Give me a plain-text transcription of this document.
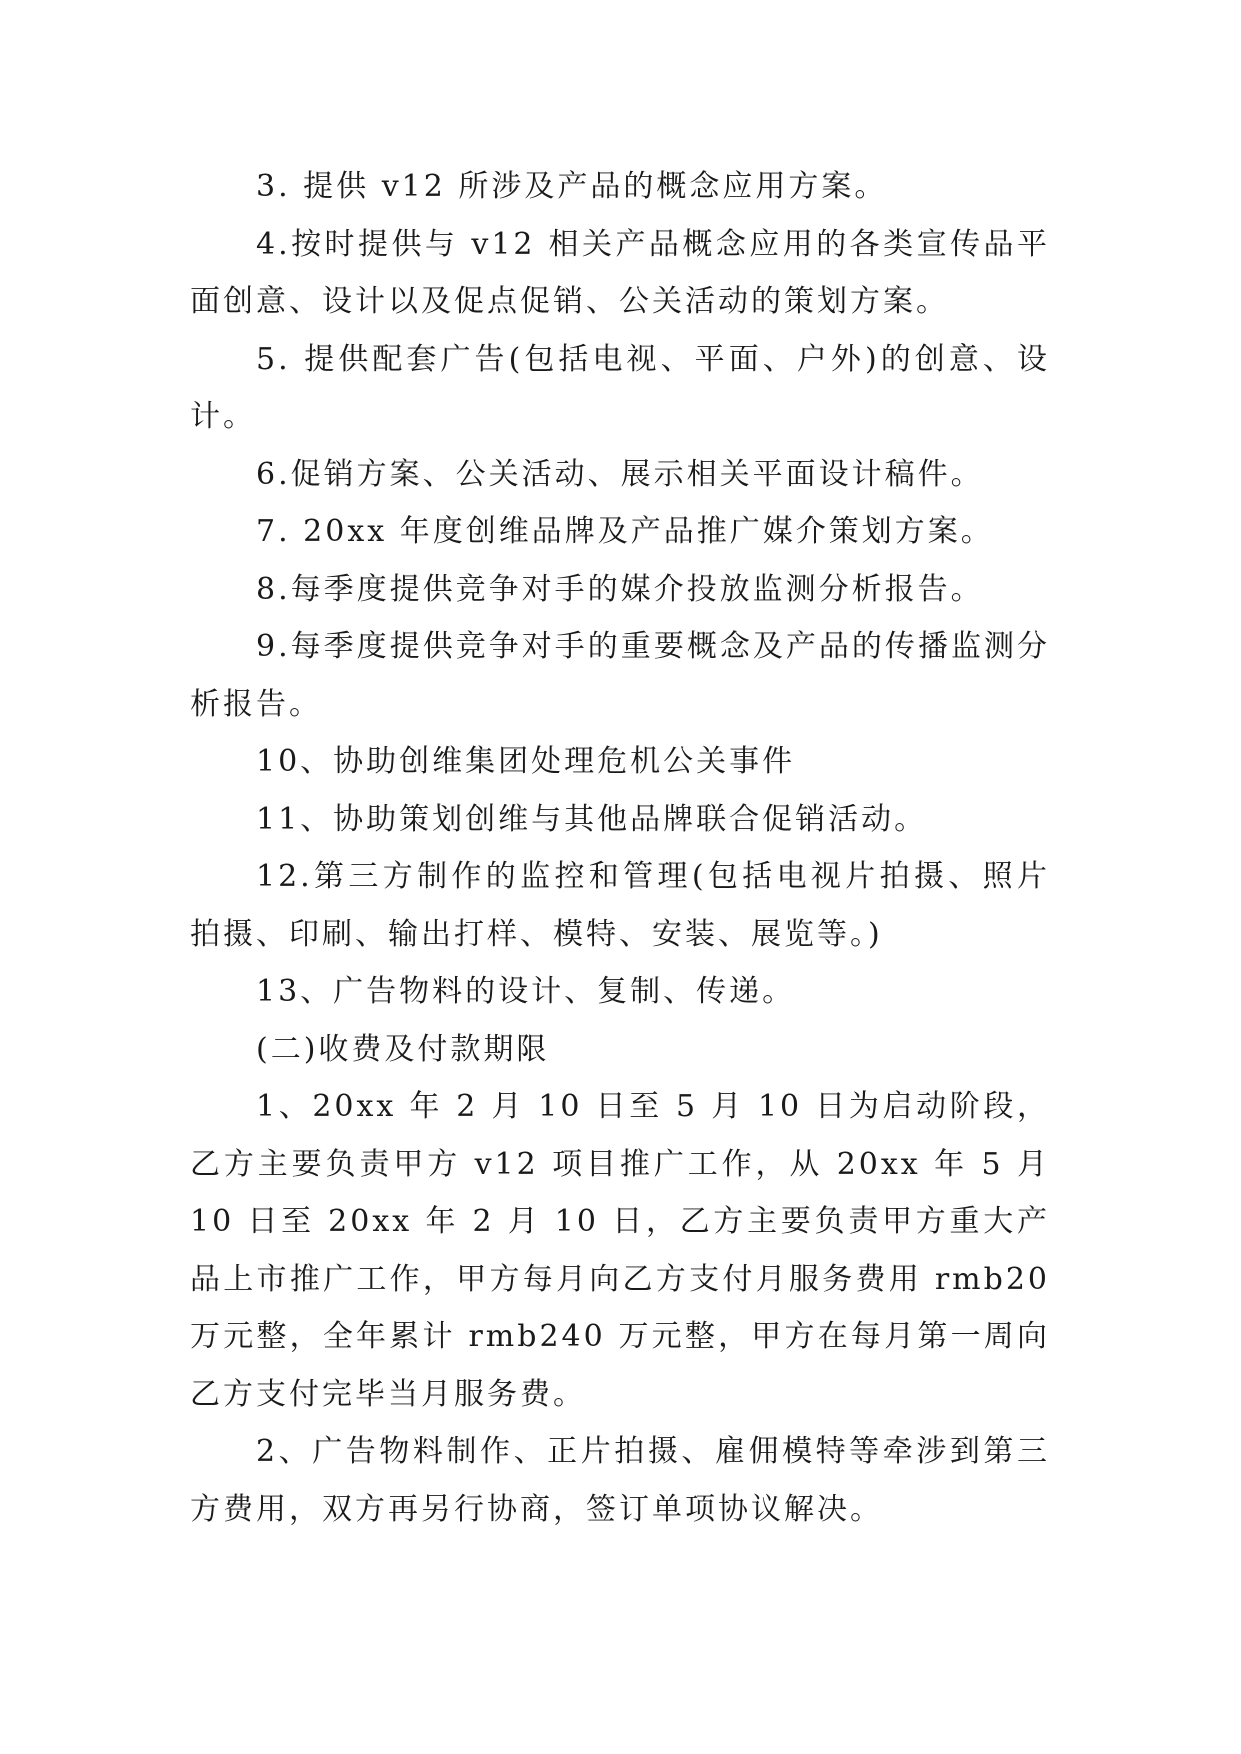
3. 提供 v12 所涉及产品的概念应用方案。

4.按时提供与 v12 相关产品概念应用的各类宣传品平面创意、设计以及促点促销、公关活动的策划方案。

5. 提供配套广告(包括电视、平面、户外)的创意、设计。

6.促销方案、公关活动、展示相关平面设计稿件。

7. 20xx 年度创维品牌及产品推广媒介策划方案。

8.每季度提供竞争对手的媒介投放监测分析报告。

9.每季度提供竞争对手的重要概念及产品的传播监测分析报告。

10、协助创维集团处理危机公关事件

11、协助策划创维与其他品牌联合促销活动。

12.第三方制作的监控和管理(包括电视片拍摄、照片拍摄、印刷、输出打样、模特、安装、展览等。)

13、广告物料的设计、复制、传递。

(二)收费及付款期限

1、20xx 年 2 月 10 日至 5 月 10 日为启动阶段，乙方主要负责甲方 v12 项目推广工作，从 20xx 年 5 月 10 日至 20xx 年 2 月 10 日，乙方主要负责甲方重大产品上市推广工作，甲方每月向乙方支付月服务费用 rmb20 万元整，全年累计 rmb240 万元整，甲方在每月第一周向乙方支付完毕当月服务费。

2、广告物料制作、正片拍摄、雇佣模特等牵涉到第三方费用，双方再另行协商，签订单项协议解决。
